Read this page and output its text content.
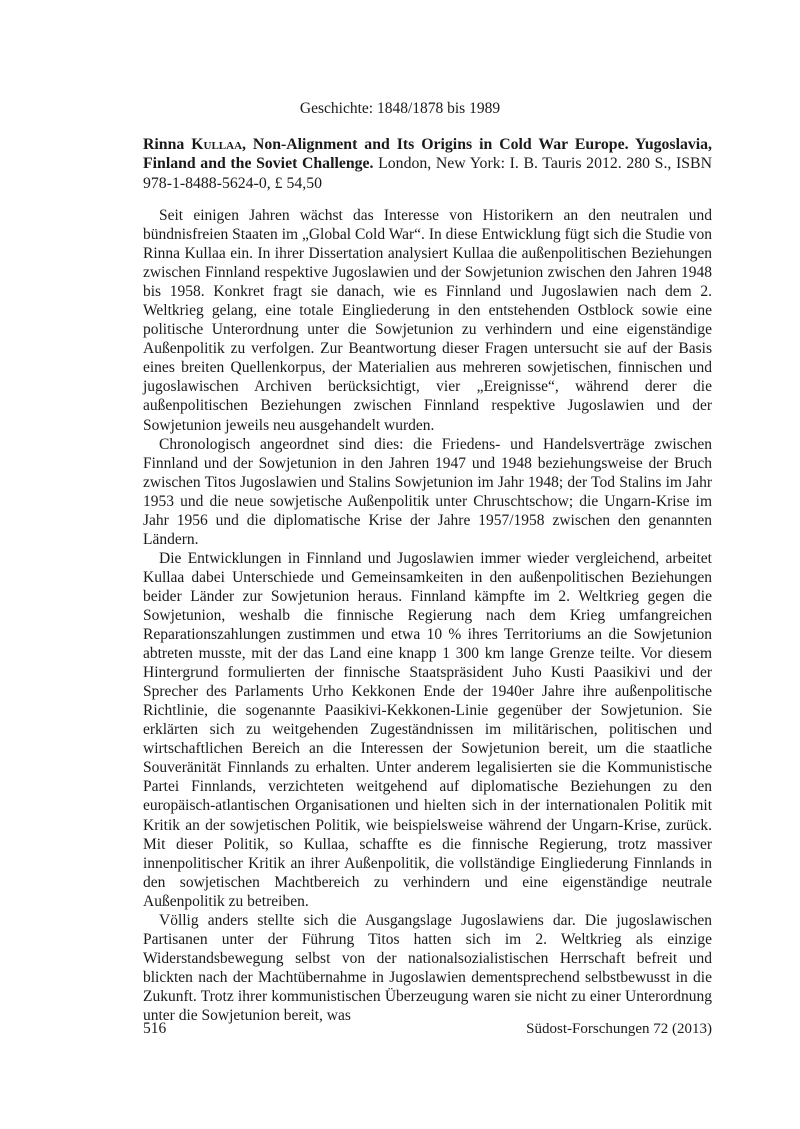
Geschichte: 1848/1878 bis 1989
Rinna Kullaa, Non-Alignment and Its Origins in Cold War Europe. Yugoslavia, Finland and the Soviet Challenge. London, New York: I. B. Tauris 2012. 280 S., ISBN 978-1-8488-5624-0, £ 54,50

Seit einigen Jahren wächst das Interesse von Historikern an den neutralen und bündnisfreien Staaten im „Global Cold War“. In diese Entwicklung fügt sich die Studie von Rinna Kullaa ein. In ihrer Dissertation analysiert Kullaa die außenpolitischen Beziehungen zwischen Finnland respektive Jugoslawien und der Sowjetunion zwischen den Jahren 1948 bis 1958. Konkret fragt sie danach, wie es Finnland und Jugoslawien nach dem 2. Weltkrieg gelang, eine totale Eingliederung in den entstehenden Ostblock sowie eine politische Unterordnung unter die Sowjetunion zu verhindern und eine eigenständige Außenpolitik zu verfolgen. Zur Beantwortung dieser Fragen untersucht sie auf der Basis eines breiten Quellenkorpus, der Materialien aus mehreren sowjetischen, finnischen und jugoslawischen Archiven berücksichtigt, vier „Ereignisse“, während derer die außenpolitischen Beziehungen zwischen Finnland respektive Jugoslawien und der Sowjetunion jeweils neu ausgehandelt wurden.

Chronologisch angeordnet sind dies: die Friedens- und Handelsverträge zwischen Finnland und der Sowjetunion in den Jahren 1947 und 1948 beziehungsweise der Bruch zwischen Titos Jugoslawien und Stalins Sowjetunion im Jahr 1948; der Tod Stalins im Jahr 1953 und die neue sowjetische Außenpolitik unter Chruschtschow; die Ungarn-Krise im Jahr 1956 und die diplomatische Krise der Jahre 1957/1958 zwischen den genannten Ländern.

Die Entwicklungen in Finnland und Jugoslawien immer wieder vergleichend, arbeitet Kullaa dabei Unterschiede und Gemeinsamkeiten in den außenpolitischen Beziehungen beider Länder zur Sowjetunion heraus. Finnland kämpfte im 2. Weltkrieg gegen die Sowjetunion, weshalb die finnische Regierung nach dem Krieg umfangreichen Reparationszahlungen zustimmen und etwa 10 % ihres Territoriums an die Sowjetunion abtreten musste, mit der das Land eine knapp 1 300 km lange Grenze teilte. Vor diesem Hintergrund formulierten der finnische Staatspräsident Juho Kusti Paasikivi und der Sprecher des Parlaments Urho Kekkonen Ende der 1940er Jahre ihre außenpolitische Richtlinie, die sogenannte Paasikivi-Kekkonen-Linie gegenüber der Sowjetunion. Sie erklärten sich zu weitgehenden Zugeständnissen im militärischen, politischen und wirtschaftlichen Bereich an die Interessen der Sowjetunion bereit, um die staatliche Souveränität Finnlands zu erhalten. Unter anderem legalisierten sie die Kommunistische Partei Finnlands, verzichteten weitgehend auf diplomatische Beziehungen zu den europäisch-atlantischen Organisationen und hielten sich in der internationalen Politik mit Kritik an der sowjetischen Politik, wie beispielsweise während der Ungarn-Krise, zurück. Mit dieser Politik, so Kullaa, schaffte es die finnische Regierung, trotz massiver innenpolitischer Kritik an ihrer Außenpolitik, die vollständige Eingliederung Finnlands in den sowjetischen Machtbereich zu verhindern und eine eigenständige neutrale Außenpolitik zu betreiben.

Völlig anders stellte sich die Ausgangslage Jugoslawiens dar. Die jugoslawischen Partisanen unter der Führung Titos hatten sich im 2. Weltkrieg als einzige Widerstandsbewegung selbst von der nationalsozialistischen Herrschaft befreit und blickten nach der Machtübernahme in Jugoslawien dementsprechend selbstbewusst in die Zukunft. Trotz ihrer kommunistischen Überzeugung waren sie nicht zu einer Unterordnung unter die Sowjetunion bereit, was

516	Südost-Forschungen 72 (2013)
